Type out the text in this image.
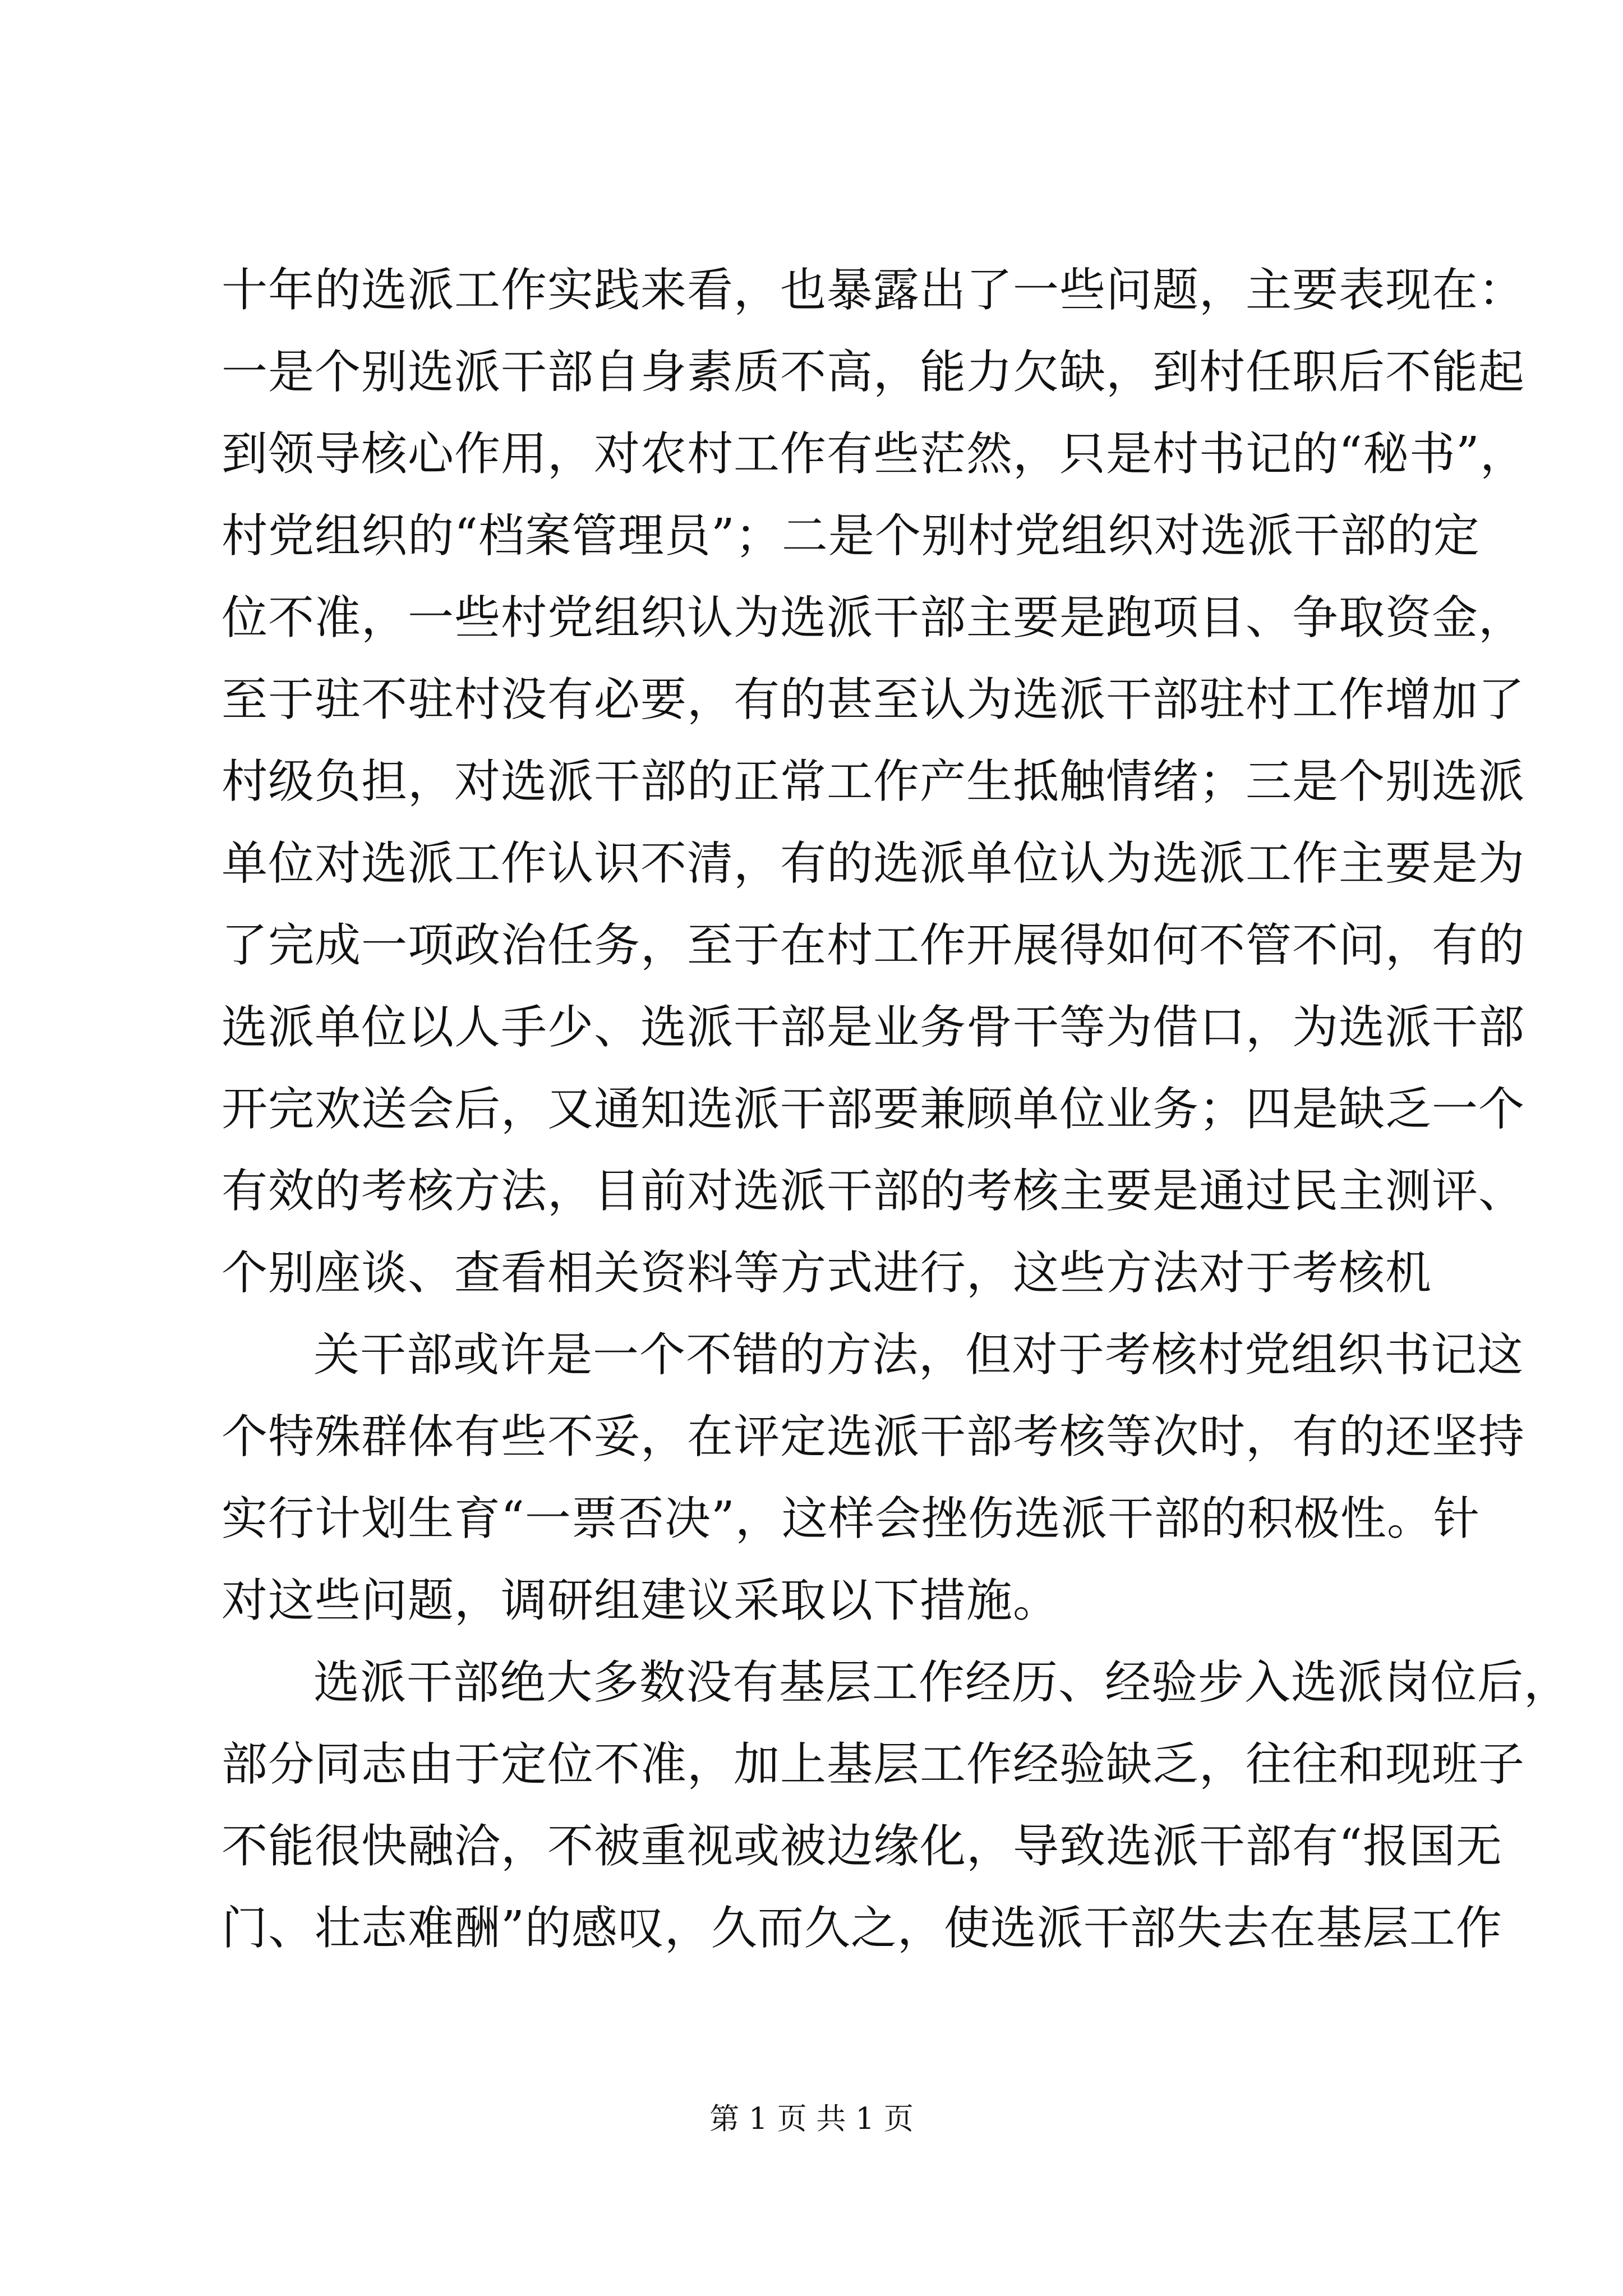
十年的选派工作实践来看，也暴露出了一些问题，主要表现在：
一是个别选派干部自身素质不高，能力欠缺，到村任职后不能起
到领导核心作用，对农村工作有些茫然，只是村书记的“秘书”，
村党组织的“档案管理员”；二是个别村党组织对选派干部的定
位不准，一些村党组织认为选派干部主要是跑项目、争取资金，
至于驻不驻村没有必要，有的甚至认为选派干部驻村工作增加了
村级负担，对选派干部的正常工作产生抵触情绪；三是个别选派
单位对选派工作认识不清，有的选派单位认为选派工作主要是为
了完成一项政治任务，至于在村工作开展得如何不管不问，有的
选派单位以人手少、选派干部是业务骨干等为借口，为选派干部
开完欢送会后，又通知选派干部要兼顾单位业务；四是缺乏一个
有效的考核方法，目前对选派干部的考核主要是通过民主测评、
个别座谈、查看相关资料等方式进行，这些方法对于考核机
关干部或许是一个不错的方法，但对于考核村党组织书记这
个特殊群体有些不妥，在评定选派干部考核等次时，有的还坚持
实行计划生育“一票否决”，这样会挫伤选派干部的积极性。针
对这些问题，调研组建议采取以下措施。
选派干部绝大多数没有基层工作经历、经验步入选派岗位后，
部分同志由于定位不准，加上基层工作经验缺乏，往往和现班子
不能很快融洽，不被重视或被边缘化，导致选派干部有“报国无
门、壮志难酬”的感叹，久而久之，使选派干部失去在基层工作
第 1 页 共 1 页
